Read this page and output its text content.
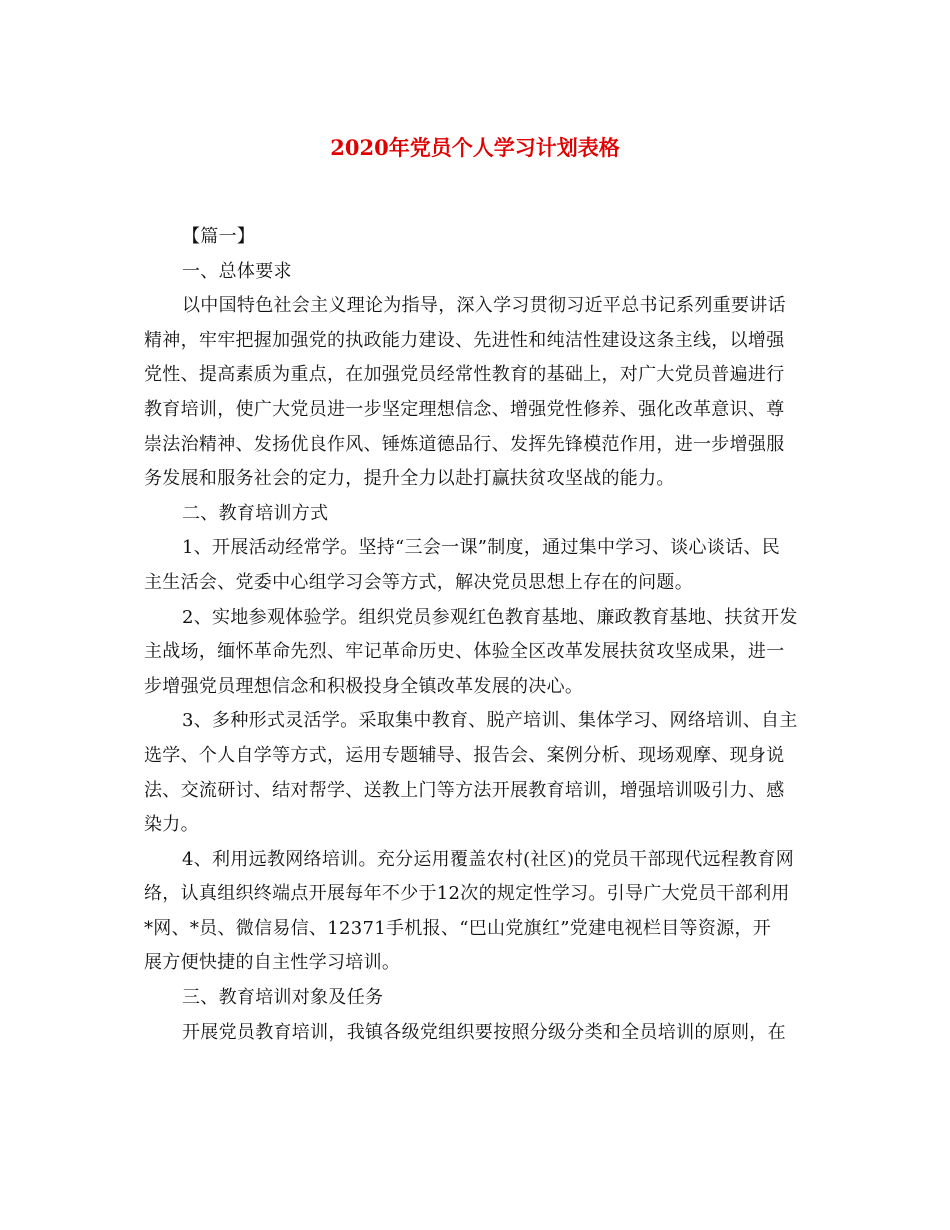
2020年党员个人学习计划表格
【篇一】
一、总体要求
以中国特色社会主义理论为指导，深入学习贯彻习近平总书记系列重要讲话
精神，牢牢把握加强党的执政能力建设、先进性和纯洁性建设这条主线，以增强
党性、提高素质为重点，在加强党员经常性教育的基础上，对广大党员普遍进行
教育培训，使广大党员进一步坚定理想信念、增强党性修养、强化改革意识、尊
崇法治精神、发扬优良作风、锤炼道德品行、发挥先锋模范作用，进一步增强服
务发展和服务社会的定力，提升全力以赴打赢扶贫攻坚战的能力。
二、教育培训方式
1、开展活动经常学。坚持“三会一课”制度，通过集中学习、谈心谈话、民
主生活会、党委中心组学习会等方式，解决党员思想上存在的问题。
2、实地参观体验学。组织党员参观红色教育基地、廉政教育基地、扶贫开发
主战场，缅怀革命先烈、牢记革命历史、体验全区改革发展扶贫攻坚成果，进一
步增强党员理想信念和积极投身全镇改革发展的决心。
3、多种形式灵活学。采取集中教育、脱产培训、集体学习、网络培训、自主
选学、个人自学等方式，运用专题辅导、报告会、案例分析、现场观摩、现身说
法、交流研讨、结对帮学、送教上门等方法开展教育培训，增强培训吸引力、感
染力。
4、利用远教网络培训。充分运用覆盖农村(社区)的党员干部现代远程教育网
络，认真组织终端点开展每年不少于12次的规定性学习。引导广大党员干部利用
*网、*员、微信易信、12371手机报、“巴山党旗红”党建电视栏目等资源，开
展方便快捷的自主性学习培训。
三、教育培训对象及任务
开展党员教育培训，我镇各级党组织要按照分级分类和全员培训的原则，在
